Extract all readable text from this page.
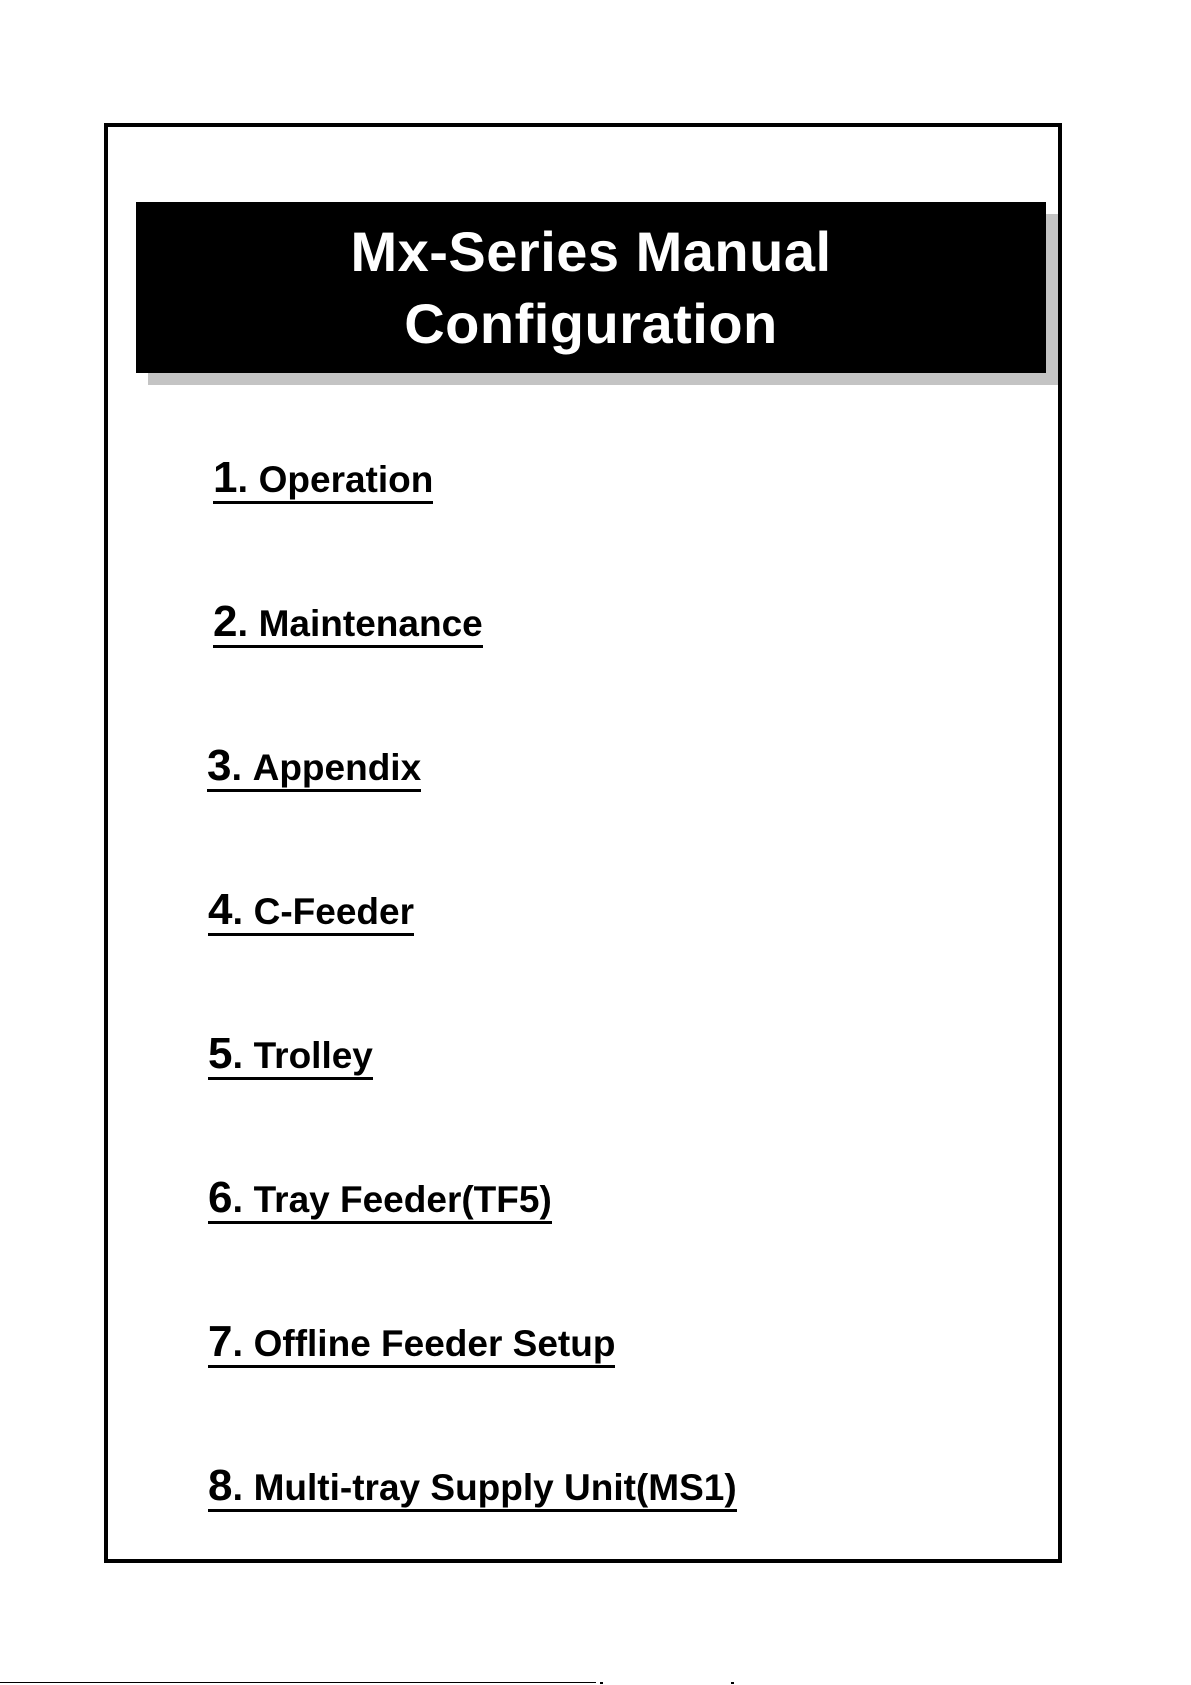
Mx-Series Manual
Configuration
1. Operation
2. Maintenance
3. Appendix
4. C-Feeder
5. Trolley
6. Tray Feeder(TF5)
7. Offline Feeder Setup
8. Multi-tray Supply Unit(MS1)
